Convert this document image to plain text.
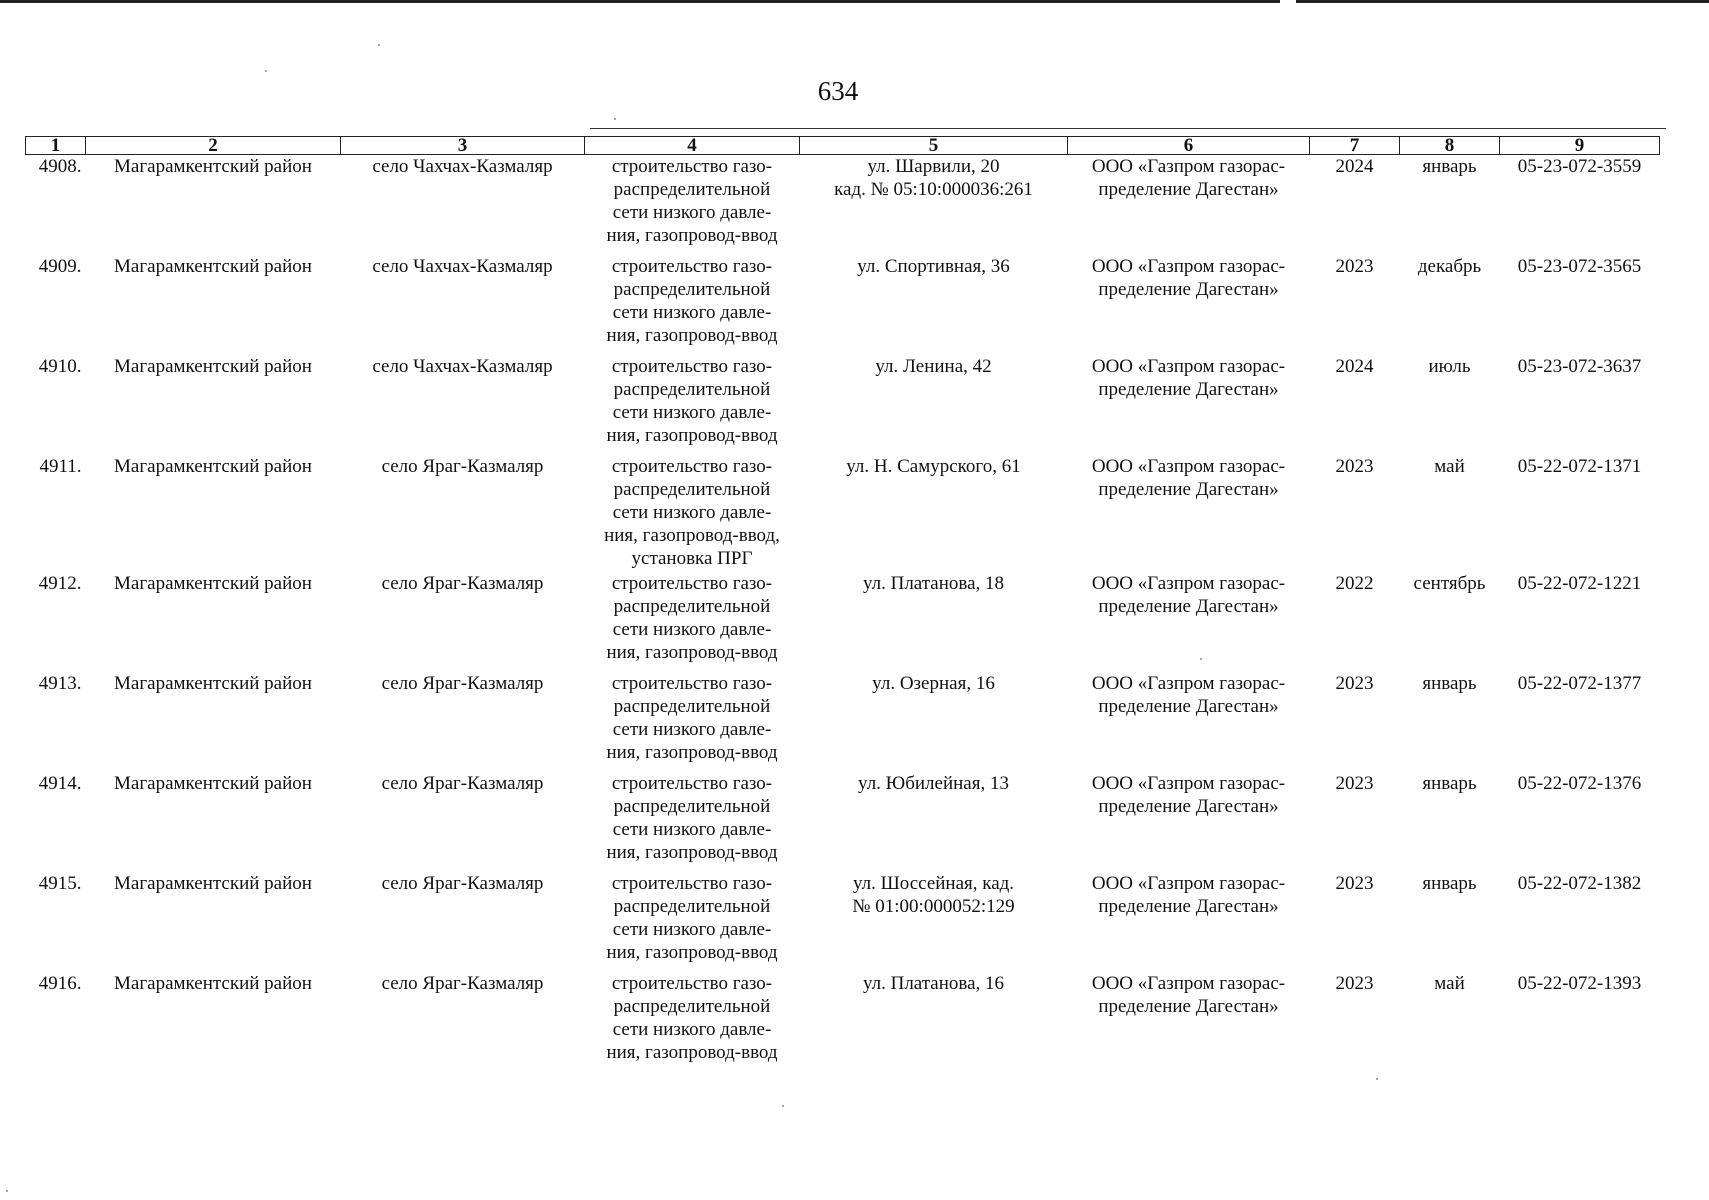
634
1	2	3	4	5	6	7	8	9
4908.	Магарамкентский район	село Чахчах-Казмаляр	строительство газо-
распределительной
сети низкого давле-
ния, газопровод-ввод	ул. Шарвили, 20
кад. № 05:10:000036:261	ООО «Газпром газорас-
пределение Дагестан»	2024	январь	05-23-072-3559
4909.	Магарамкентский район	село Чахчах-Казмаляр	строительство газо-
распределительной
сети низкого давле-
ния, газопровод-ввод	ул. Спортивная, 36	ООО «Газпром газорас-
пределение Дагестан»	2023	декабрь	05-23-072-3565
4910.	Магарамкентский район	село Чахчах-Казмаляр	строительство газо-
распределительной
сети низкого давле-
ния, газопровод-ввод	ул. Ленина, 42	ООО «Газпром газорас-
пределение Дагестан»	2024	июль	05-23-072-3637
4911.	Магарамкентский район	село Яраг-Казмаляр	строительство газо-
распределительной
сети низкого давле-
ния, газопровод-ввод,
установка ПРГ	ул. Н. Самурского, 61	ООО «Газпром газорас-
пределение Дагестан»	2023	май	05-22-072-1371
4912.	Магарамкентский район	село Яраг-Казмаляр	строительство газо-
распределительной
сети низкого давле-
ния, газопровод-ввод	ул. Платанова, 18	ООО «Газпром газорас-
пределение Дагестан»	2022	сентябрь	05-22-072-1221
4913.	Магарамкентский район	село Яраг-Казмаляр	строительство газо-
распределительной
сети низкого давле-
ния, газопровод-ввод	ул. Озерная, 16	ООО «Газпром газорас-
пределение Дагестан»	2023	январь	05-22-072-1377
4914.	Магарамкентский район	село Яраг-Казмаляр	строительство газо-
распределительной
сети низкого давле-
ния, газопровод-ввод	ул. Юбилейная, 13	ООО «Газпром газорас-
пределение Дагестан»	2023	январь	05-22-072-1376
4915.	Магарамкентский район	село Яраг-Казмаляр	строительство газо-
распределительной
сети низкого давле-
ния, газопровод-ввод	ул. Шоссейная, кад.
№ 01:00:000052:129	ООО «Газпром газорас-
пределение Дагестан»	2023	январь	05-22-072-1382
4916.	Магарамкентский район	село Яраг-Казмаляр	строительство газо-
распределительной
сети низкого давле-
ния, газопровод-ввод	ул. Платанова, 16	ООО «Газпром газорас-
пределение Дагестан»	2023	май	05-22-072-1393
